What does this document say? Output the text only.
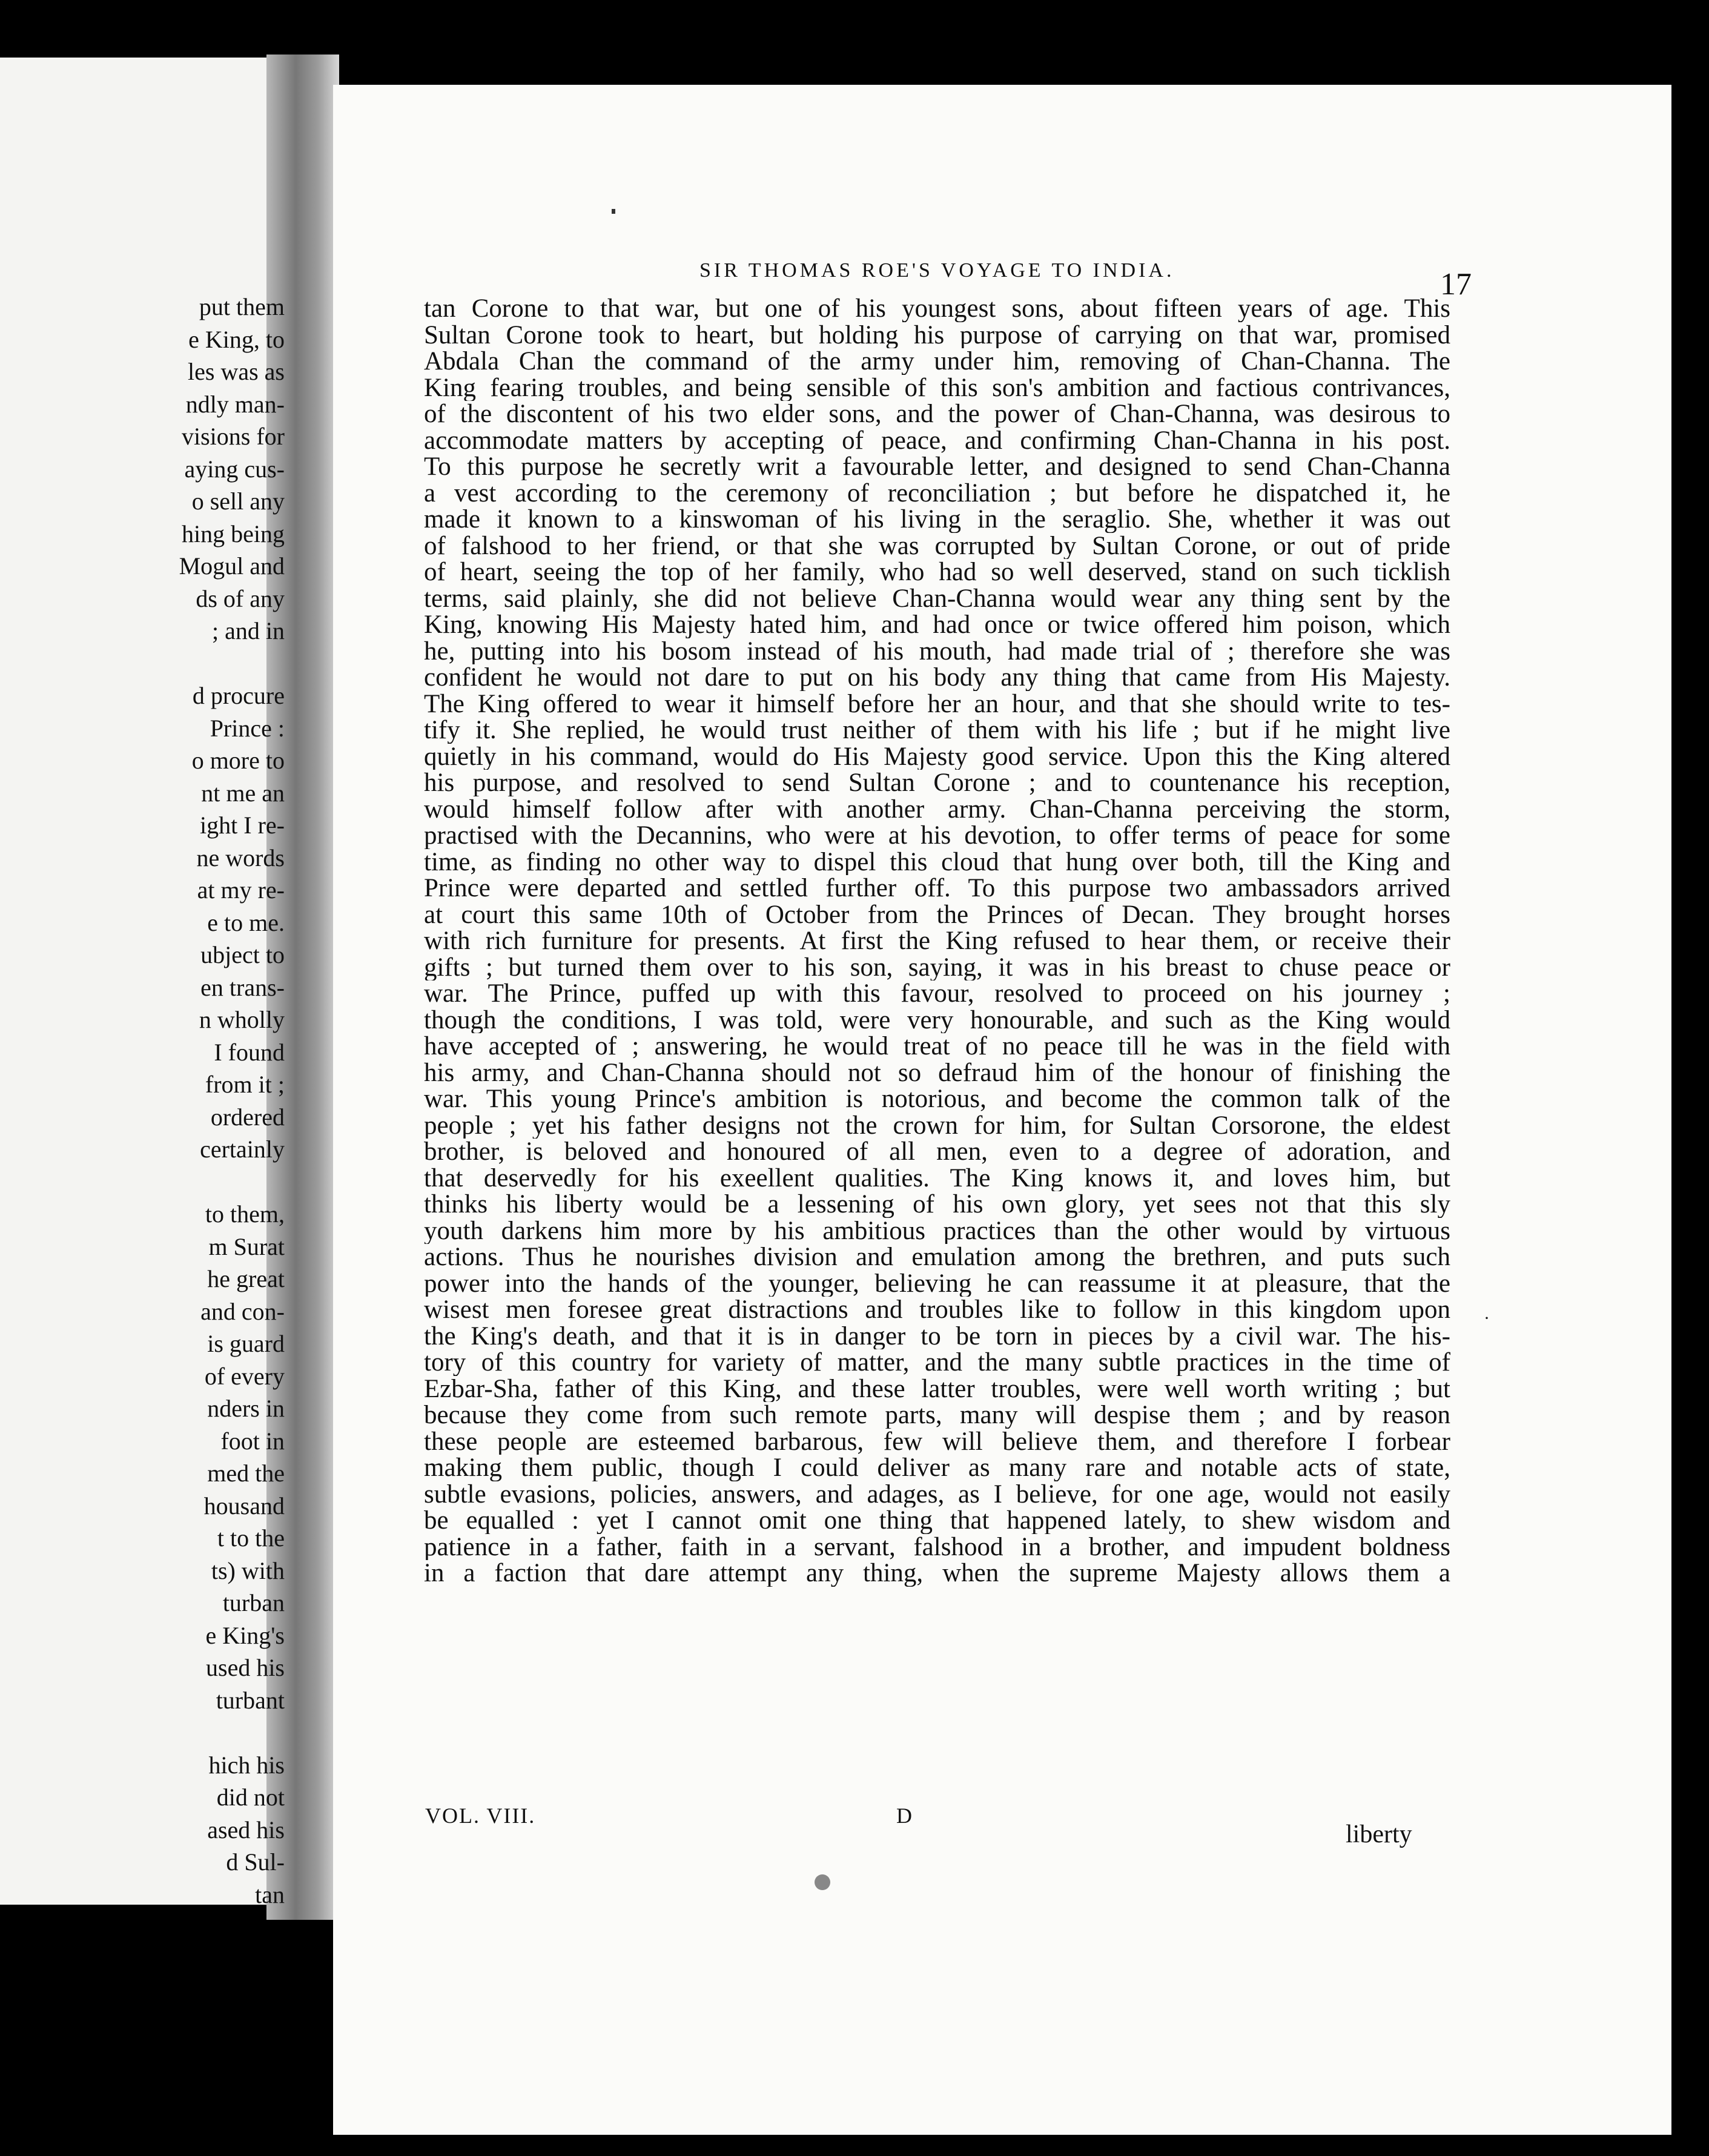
put them
e King, to
les was as
ndly man-
visions for
aying cus-
o sell any
hing being
Mogul and
ds of any
; and in
d procure
Prince :
o more to
nt me an
ight I re-
ne words
at my re-
e to me.
ubject to
en trans-
n wholly
I found
from it ;
ordered
certainly
to them,
m Surat
he great
and con-
is guard
of every
nders in
foot in
med the
housand
t to the
ts) with
turban
e King's
used his
turbant
hich his
did not
ased his
d Sul-
tan
SIR THOMAS ROE'S VOYAGE TO INDIA.	17
tan Corone to that war, but one of his youngest sons, about fifteen years of age. This
Sultan Corone took to heart, but holding his purpose of carrying on that war, promised
Abdala Chan the command of the army under him, removing of Chan-Channa. The
King fearing troubles, and being sensible of this son's ambition and factious contrivances,
of the discontent of his two elder sons, and the power of Chan-Channa, was desirous to
accommodate matters by accepting of peace, and confirming Chan-Channa in his post.
To this purpose he secretly writ a favourable letter, and designed to send Chan-Channa
a vest according to the ceremony of reconciliation ; but before he dispatched it, he
made it known to a kinswoman of his living in the seraglio. She, whether it was out
of falshood to her friend, or that she was corrupted by Sultan Corone, or out of pride
of heart, seeing the top of her family, who had so well deserved, stand on such ticklish
terms, said plainly, she did not believe Chan-Channa would wear any thing sent by the
King, knowing His Majesty hated him, and had once or twice offered him poison, which
he, putting into his bosom instead of his mouth, had made trial of ; therefore she was
confident he would not dare to put on his body any thing that came from His Majesty.
The King offered to wear it himself before her an hour, and that she should write to tes-
tify it. She replied, he would trust neither of them with his life ; but if he might live
quietly in his command, would do His Majesty good service. Upon this the King altered
his purpose, and resolved to send Sultan Corone ; and to countenance his reception,
would himself follow after with another army. Chan-Channa perceiving the storm,
practised with the Decannins, who were at his devotion, to offer terms of peace for some
time, as finding no other way to dispel this cloud that hung over both, till the King and
Prince were departed and settled further off. To this purpose two ambassadors arrived
at court this same 10th of October from the Princes of Decan. They brought horses
with rich furniture for presents. At first the King refused to hear them, or receive their
gifts ; but turned them over to his son, saying, it was in his breast to chuse peace or
war. The Prince, puffed up with this favour, resolved to proceed on his journey ;
though the conditions, I was told, were very honourable, and such as the King would
have accepted of ; answering, he would treat of no peace till he was in the field with
his army, and Chan-Channa should not so defraud him of the honour of finishing the
war. This young Prince's ambition is notorious, and become the common talk of the
people ; yet his father designs not the crown for him, for Sultan Corsorone, the eldest
brother, is beloved and honoured of all men, even to a degree of adoration, and
that deservedly for his exeellent qualities. The King knows it, and loves him, but
thinks his liberty would be a lessening of his own glory, yet sees not that this sly
youth darkens him more by his ambitious practices than the other would by virtuous
actions. Thus he nourishes division and emulation among the brethren, and puts such
power into the hands of the younger, believing he can reassume it at pleasure, that the
wisest men foresee great distractions and troubles like to follow in this kingdom upon
the King's death, and that it is in danger to be torn in pieces by a civil war. The his-
tory of this country for variety of matter, and the many subtle practices in the time of
Ezbar-Sha, father of this King, and these latter troubles, were well worth writing ; but
because they come from such remote parts, many will despise them ; and by reason
these people are esteemed barbarous, few will believe them, and therefore I forbear
making them public, though I could deliver as many rare and notable acts of state,
subtle evasions, policies, answers, and adages, as I believe, for one age, would not easily
be equalled : yet I cannot omit one thing that happened lately, to shew wisdom and
patience in a father, faith in a servant, falshood in a brother, and impudent boldness
in a faction that dare attempt any thing, when the supreme Majesty allows them a
VOL. VIII.	D
liberty
·
